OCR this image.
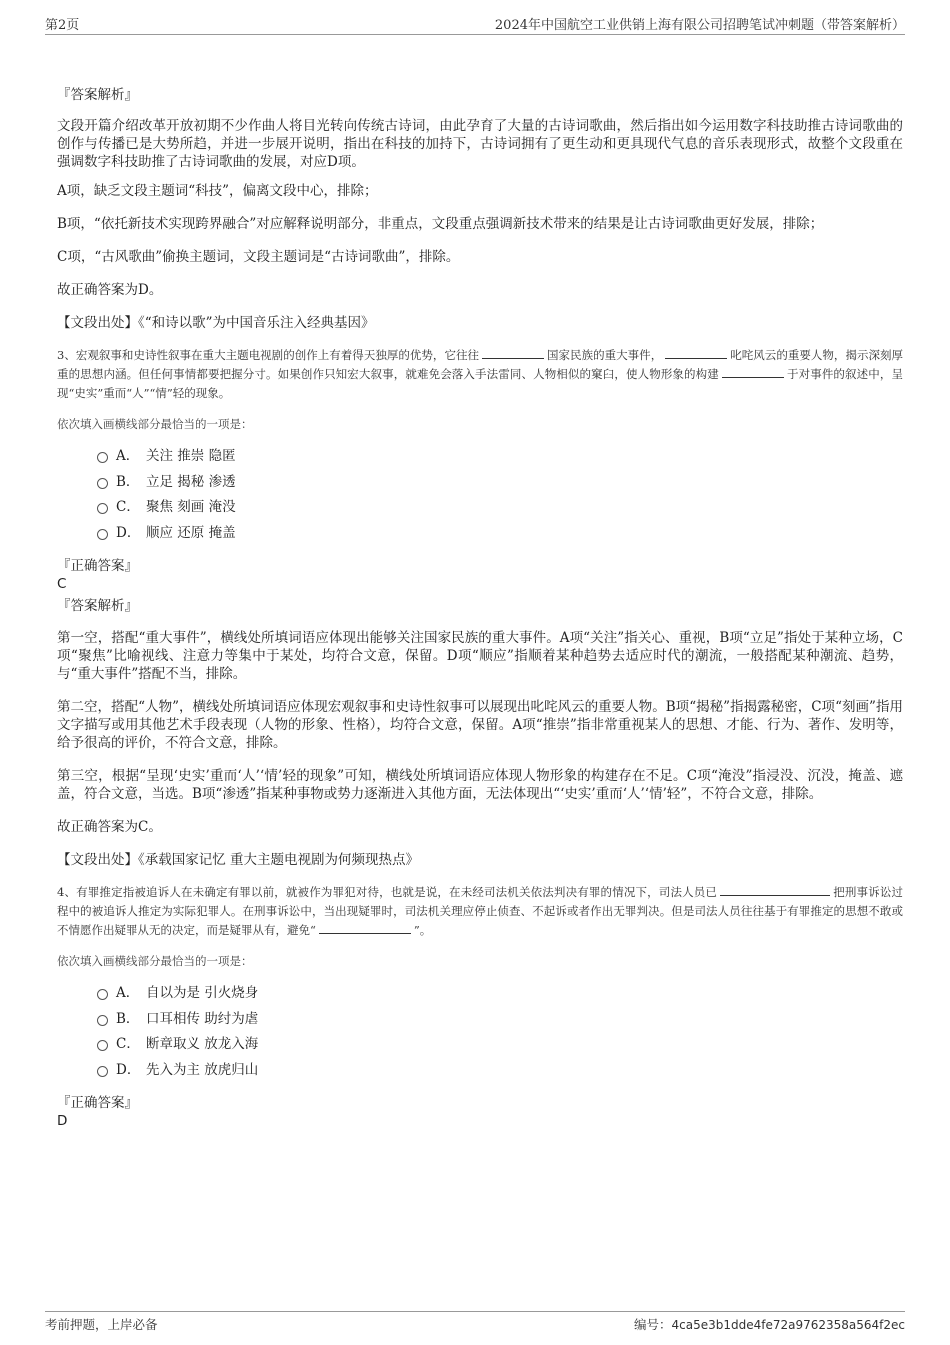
第2页	2024年中国航空工业供销上海有限公司招聘笔试冲刺题（带答案解析）

『答案解析』

文段开篇介绍改革开放初期不少作曲人将目光转向传统古诗词，由此孕育了大量的古诗词歌曲，然后指出如今运用数字科技助推古诗词歌曲的创作与传播已是大势所趋，并进一步展开说明，指出在科技的加持下，古诗词拥有了更生动和更具现代气息的音乐表现形式，故整个文段重在强调数字科技助推了古诗词歌曲的发展，对应D项。

A项，缺乏文段主题词“科技”，偏离文段中心，排除；

B项，“依托新技术实现跨界融合”对应解释说明部分，非重点，文段重点强调新技术带来的结果是让古诗词歌曲更好发展，排除；

C项，“古风歌曲”偷换主题词，文段主题词是“古诗词歌曲”，排除。

故正确答案为D。

【文段出处】《“和诗以歌”为中国音乐注入经典基因》

3、宏观叙事和史诗性叙事在重大主题电视剧的创作上有着得天独厚的优势，它往往	国家民族的重大事件，	叱咤风云的重要人物，揭示深刻厚重的思想内涵。但任何事情都要把握分寸。如果创作只知宏大叙事，就难免会落入手法雷同、人物相似的窠臼，使人物形象的构建	于对事件的叙述中，呈现“史实”重而“人”“情”轻的现象。

依次填入画横线部分最恰当的一项是：

A． 关注 推崇 隐匿
B． 立足 揭秘 渗透
C． 聚焦 刻画 淹没
D． 顺应 还原 掩盖

『正确答案』

C

『答案解析』

第一空，搭配“重大事件”，横线处所填词语应体现出能够关注国家民族的重大事件。A项“关注”指关心、重视，B项“立足”指处于某种立场，C项“聚焦”比喻视线、注意力等集中于某处，均符合文意，保留。D项“顺应”指顺着某种趋势去适应时代的潮流，一般搭配某种潮流、趋势，与“重大事件”搭配不当，排除。

第二空，搭配“人物”，横线处所填词语应体现宏观叙事和史诗性叙事可以展现出叱咤风云的重要人物。B项“揭秘”指揭露秘密，C项“刻画”指用文字描写或用其他艺术手段表现（人物的形象、性格），均符合文意，保留。A项“推崇”指非常重视某人的思想、才能、行为、著作、发明等，给予很高的评价，不符合文意，排除。

第三空，根据“呈现‘史实’重而‘人’‘情’轻的现象”可知，横线处所填词语应体现人物形象的构建存在不足。C项“淹没”指浸没、沉没，掩盖、遮盖，符合文意，当选。B项“渗透”指某种事物或势力逐渐进入其他方面，无法体现出“‘史实’重而‘人’‘情’轻”，不符合文意，排除。

故正确答案为C。

【文段出处】《承载国家记忆 重大主题电视剧为何频现热点》

4、有罪推定指被追诉人在未确定有罪以前，就被作为罪犯对待，也就是说，在未经司法机关依法判决有罪的情况下，司法人员已	把刑事诉讼过程中的被追诉人推定为实际犯罪人。在刑事诉讼中，当出现疑罪时，司法机关理应停止侦查、不起诉或者作出无罪判决。但是司法人员往往基于有罪推定的思想不敢或不情愿作出疑罪从无的决定，而是疑罪从有，避免“	”。

依次填入画横线部分最恰当的一项是：

A． 自以为是 引火烧身
B． 口耳相传 助纣为虐
C． 断章取义 放龙入海
D． 先入为主 放虎归山

『正确答案』

D

考前押题，上岸必备	编号：4ca5e3b1dde4fe72a9762358a564f2ec
